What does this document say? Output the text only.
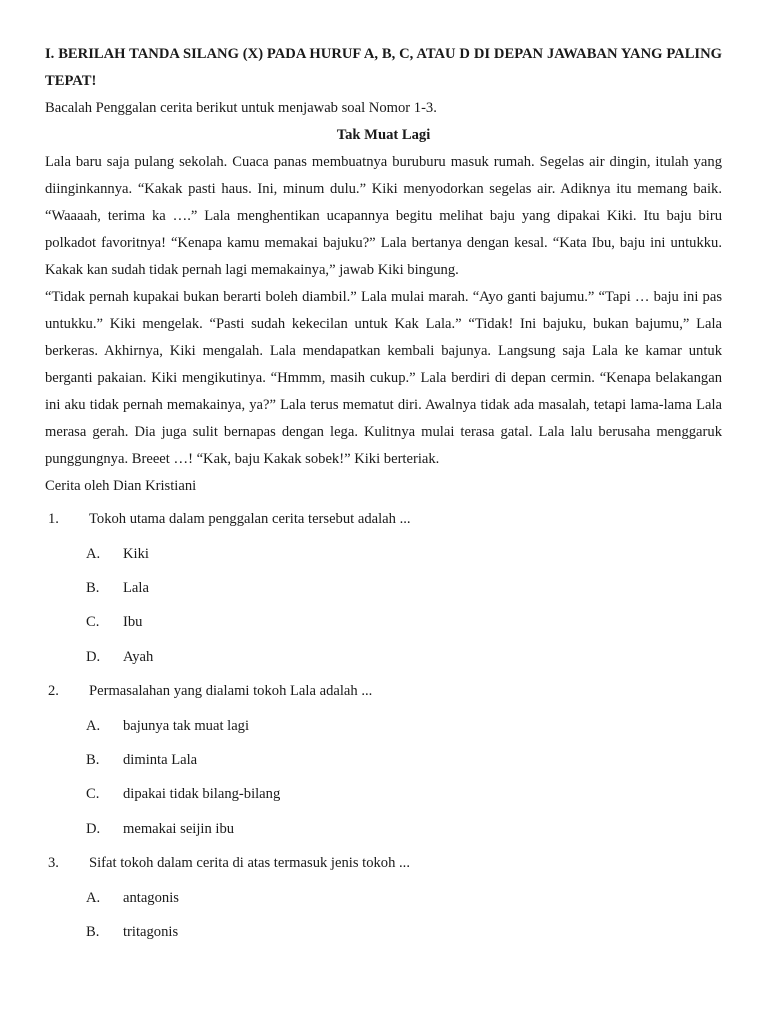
I. BERILAH TANDA SILANG (X) PADA HURUF A, B, C, ATAU D DI DEPAN JAWABAN YANG PALING TEPAT!

Bacalah Penggalan cerita berikut untuk menjawab soal Nomor 1-3.

Tak Muat Lagi

Lala baru saja pulang sekolah. Cuaca panas membuatnya buruburu masuk rumah. Segelas air dingin, itulah yang diinginkannya. “Kakak pasti haus. Ini, minum dulu.” Kiki menyodorkan segelas air. Adiknya itu memang baik. “Waaaah, terima ka ….” Lala menghentikan ucapannya begitu melihat baju yang dipakai Kiki. Itu baju biru polkadot favoritnya! “Kenapa kamu memakai bajuku?” Lala bertanya dengan kesal. “Kata Ibu, baju ini untukku. Kakak kan sudah tidak pernah lagi memakainya,” jawab Kiki bingung.

“Tidak pernah kupakai bukan berarti boleh diambil.” Lala mulai marah. “Ayo ganti bajumu.” “Tapi … baju ini pas untukku.” Kiki mengelak. “Pasti sudah kekecilan untuk Kak Lala.” “Tidak! Ini bajuku, bukan bajumu,” Lala berkeras. Akhirnya, Kiki mengalah. Lala mendapatkan kembali bajunya. Langsung saja Lala ke kamar untuk berganti pakaian. Kiki mengikutinya. “Hmmm, masih cukup.” Lala berdiri di depan cermin. “Kenapa belakangan ini aku tidak pernah memakainya, ya?” Lala terus mematut diri. Awalnya tidak ada masalah, tetapi lama-lama Lala merasa gerah. Dia juga sulit bernapas dengan lega. Kulitnya mulai terasa gatal. Lala lalu berusaha menggaruk punggungnya. Breeet …! “Kak, baju Kakak sobek!” Kiki berteriak.

Cerita oleh Dian Kristiani

1.	Tokoh utama dalam penggalan cerita tersebut adalah ...
A.	Kiki
B.	Lala
C.	Ibu
D.	Ayah
2.	Permasalahan yang dialami tokoh Lala adalah ...
A.	bajunya tak muat lagi
B.	diminta Lala
C.	dipakai tidak bilang-bilang
D.	memakai seijin ibu
3.	Sifat tokoh dalam cerita di atas termasuk jenis tokoh ...
A.	antagonis
B.	tritagonis
